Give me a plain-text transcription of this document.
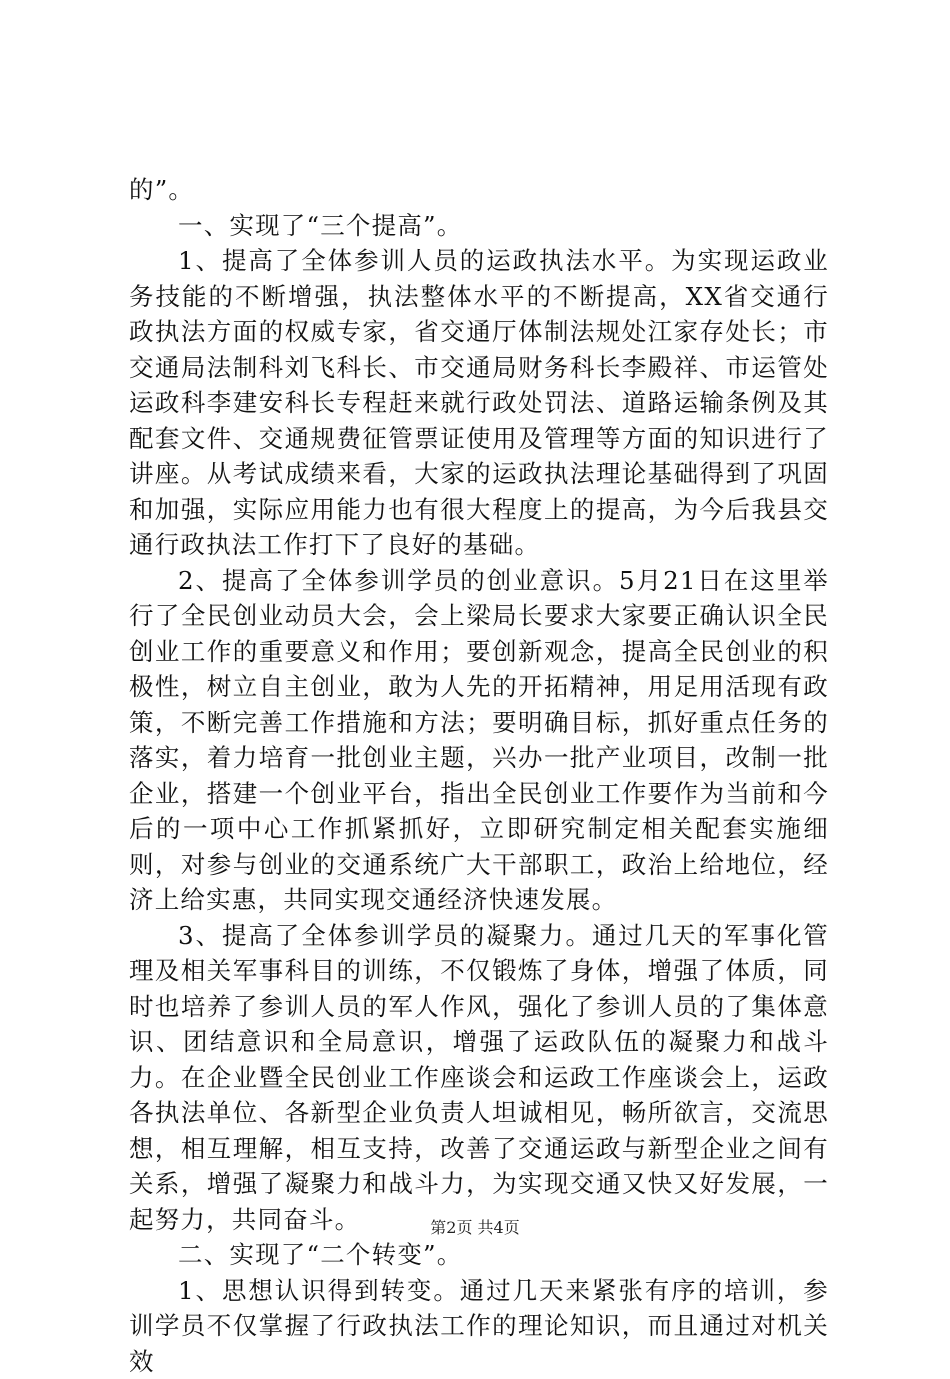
的”。

一、实现了“三个提高”。

1、提高了全体参训人员的运政执法水平。为实现运政业务技能的不断增强，执法整体水平的不断提高，XX省交通行政执法方面的权威专家，省交通厅体制法规处江家存处长；市交通局法制科刘飞科长、市交通局财务科长李殿祥、市运管处运政科李建安科长专程赶来就行政处罚法、道路运输条例及其配套文件、交通规费征管票证使用及管理等方面的知识进行了讲座。从考试成绩来看，大家的运政执法理论基础得到了巩固和加强，实际应用能力也有很大程度上的提高，为今后我县交通行政执法工作打下了良好的基础。

2、提高了全体参训学员的创业意识。5月21日在这里举行了全民创业动员大会，会上梁局长要求大家要正确认识全民创业工作的重要意义和作用；要创新观念，提高全民创业的积极性，树立自主创业，敢为人先的开拓精神，用足用活现有政策，不断完善工作措施和方法；要明确目标，抓好重点任务的落实，着力培育一批创业主题，兴办一批产业项目，改制一批企业，搭建一个创业平台，指出全民创业工作要作为当前和今后的一项中心工作抓紧抓好，立即研究制定相关配套实施细则，对参与创业的交通系统广大干部职工，政治上给地位，经济上给实惠，共同实现交通经济快速发展。

3、提高了全体参训学员的凝聚力。通过几天的军事化管理及相关军事科目的训练，不仅锻炼了身体，增强了体质，同时也培养了参训人员的军人作风，强化了参训人员的了集体意识、团结意识和全局意识，增强了运政队伍的凝聚力和战斗力。在企业暨全民创业工作座谈会和运政工作座谈会上，运政各执法单位、各新型企业负责人坦诚相见，畅所欲言，交流思想，相互理解，相互支持，改善了交通运政与新型企业之间有关系，增强了凝聚力和战斗力，为实现交通又快又好发展，一起努力，共同奋斗。

二、实现了“二个转变”。

1、思想认识得到转变。通过几天来紧张有序的培训，参训学员不仅掌握了行政执法工作的理论知识，而且通过对机关效

第2页 共4页
